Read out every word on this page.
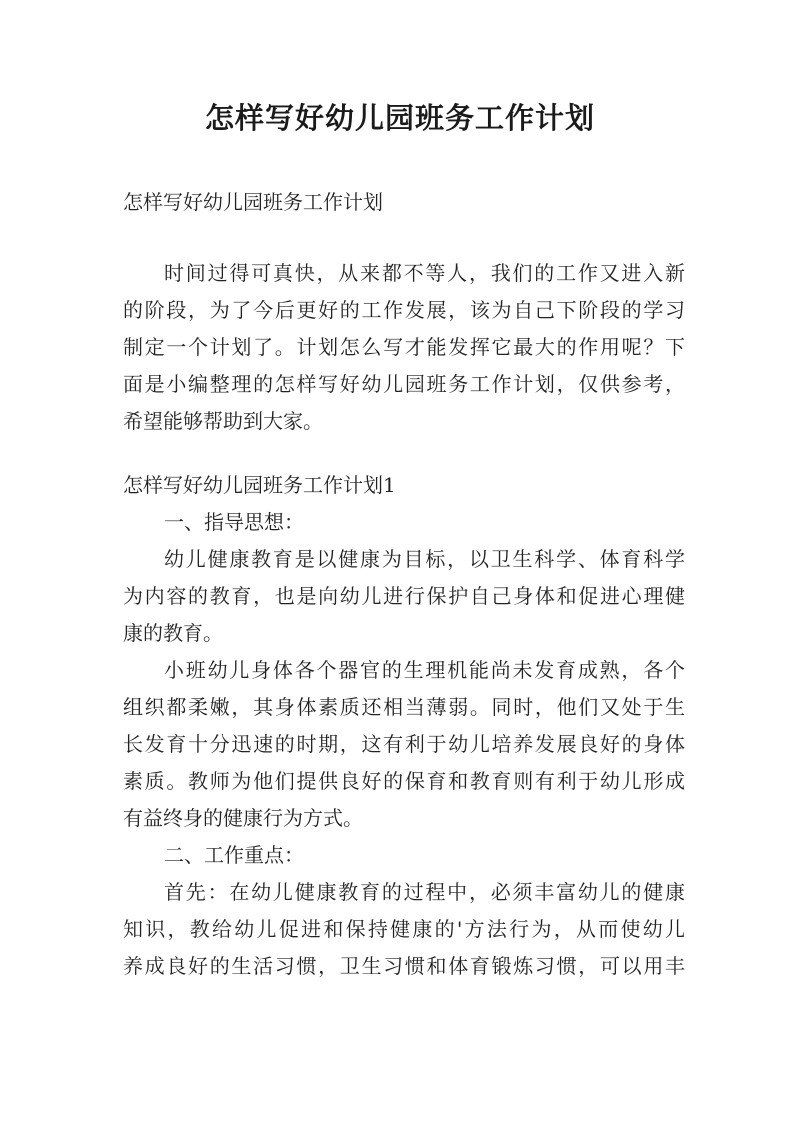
怎样写好幼儿园班务工作计划
怎样写好幼儿园班务工作计划
时间过得可真快，从来都不等人，我们的工作又进入新
的阶段，为了今后更好的工作发展，该为自己下阶段的学习
制定一个计划了。计划怎么写才能发挥它最大的作用呢？下
面是小编整理的怎样写好幼儿园班务工作计划，仅供参考，
希望能够帮助到大家。
怎样写好幼儿园班务工作计划1
一、指导思想：
幼儿健康教育是以健康为目标，以卫生科学、体育科学
为内容的教育，也是向幼儿进行保护自己身体和促进心理健
康的教育。
小班幼儿身体各个器官的生理机能尚未发育成熟，各个
组织都柔嫩，其身体素质还相当薄弱。同时，他们又处于生
长发育十分迅速的时期，这有利于幼儿培养发展良好的身体
素质。教师为他们提供良好的保育和教育则有利于幼儿形成
有益终身的健康行为方式。
二、工作重点：
首先：在幼儿健康教育的过程中，必须丰富幼儿的健康
知识，教给幼儿促进和保持健康的'方法行为，从而使幼儿
养成良好的生活习惯，卫生习惯和体育锻炼习惯，可以用丰
